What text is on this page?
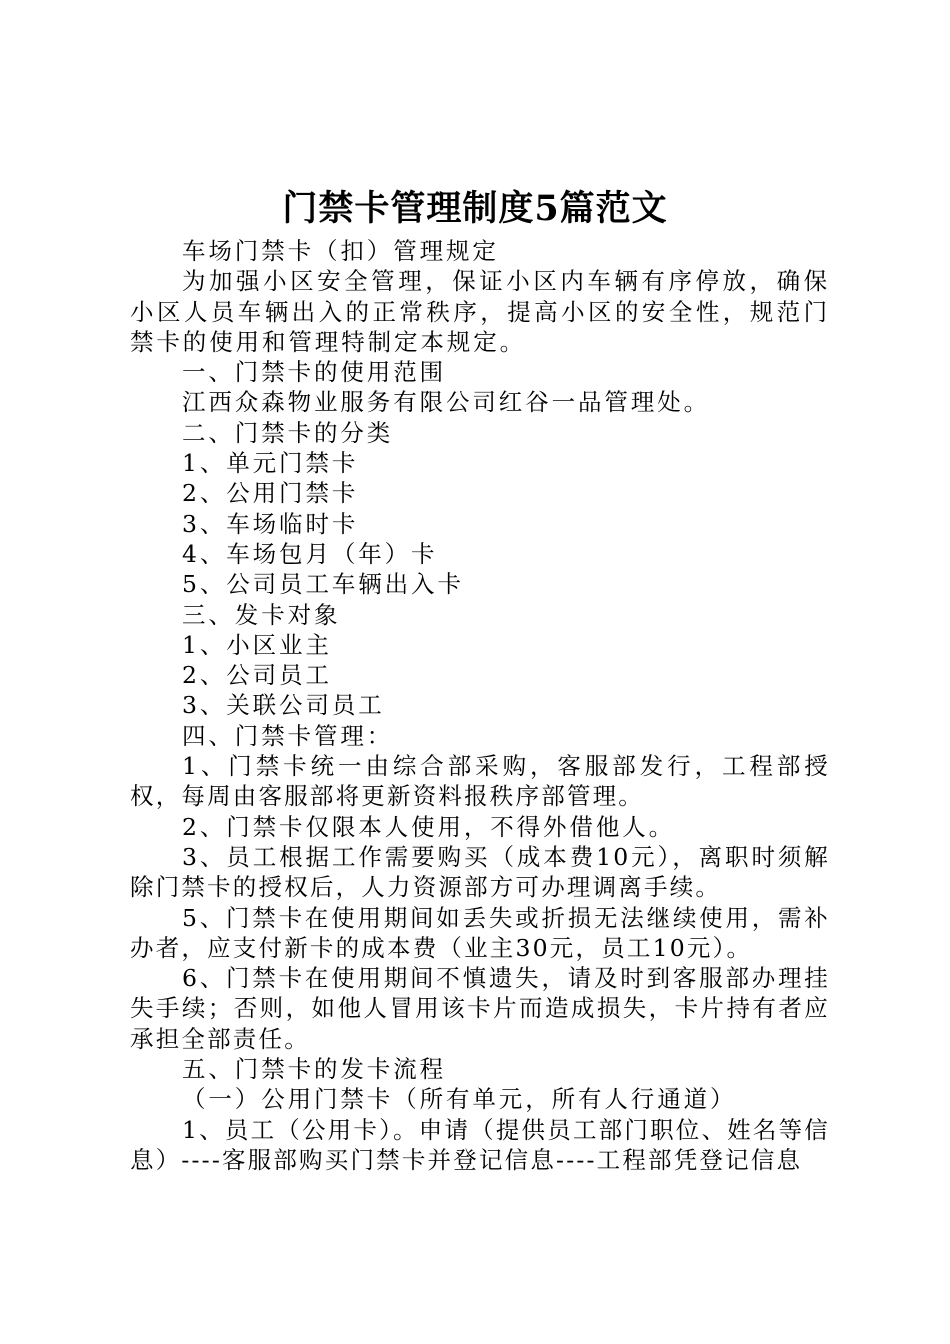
门禁卡管理制度5篇范文

车场门禁卡（扣）管理规定

为加强小区安全管理，保证小区内车辆有序停放，确保小区人员车辆出入的正常秩序，提高小区的安全性，规范门禁卡的使用和管理特制定本规定。

一、门禁卡的使用范围

江西众森物业服务有限公司红谷一品管理处。

二、门禁卡的分类

1、单元门禁卡

2、公用门禁卡

3、车场临时卡

4、车场包月（年）卡

5、公司员工车辆出入卡

三、发卡对象

1、小区业主

2、公司员工

3、关联公司员工

四、门禁卡管理：

1、门禁卡统一由综合部采购，客服部发行，工程部授权，每周由客服部将更新资料报秩序部管理。

2、门禁卡仅限本人使用，不得外借他人。

3、员工根据工作需要购买（成本费10元），离职时须解除门禁卡的授权后，人力资源部方可办理调离手续。

5、门禁卡在使用期间如丢失或折损无法继续使用，需补办者，应支付新卡的成本费（业主30元，员工10元）。

6、门禁卡在使用期间不慎遗失，请及时到客服部办理挂失手续；否则，如他人冒用该卡片而造成损失，卡片持有者应承担全部责任。

五、门禁卡的发卡流程

（一）公用门禁卡（所有单元，所有人行通道）

1、员工（公用卡）。申请（提供员工部门职位、姓名等信息）----客服部购买门禁卡并登记信息----工程部凭登记信息
